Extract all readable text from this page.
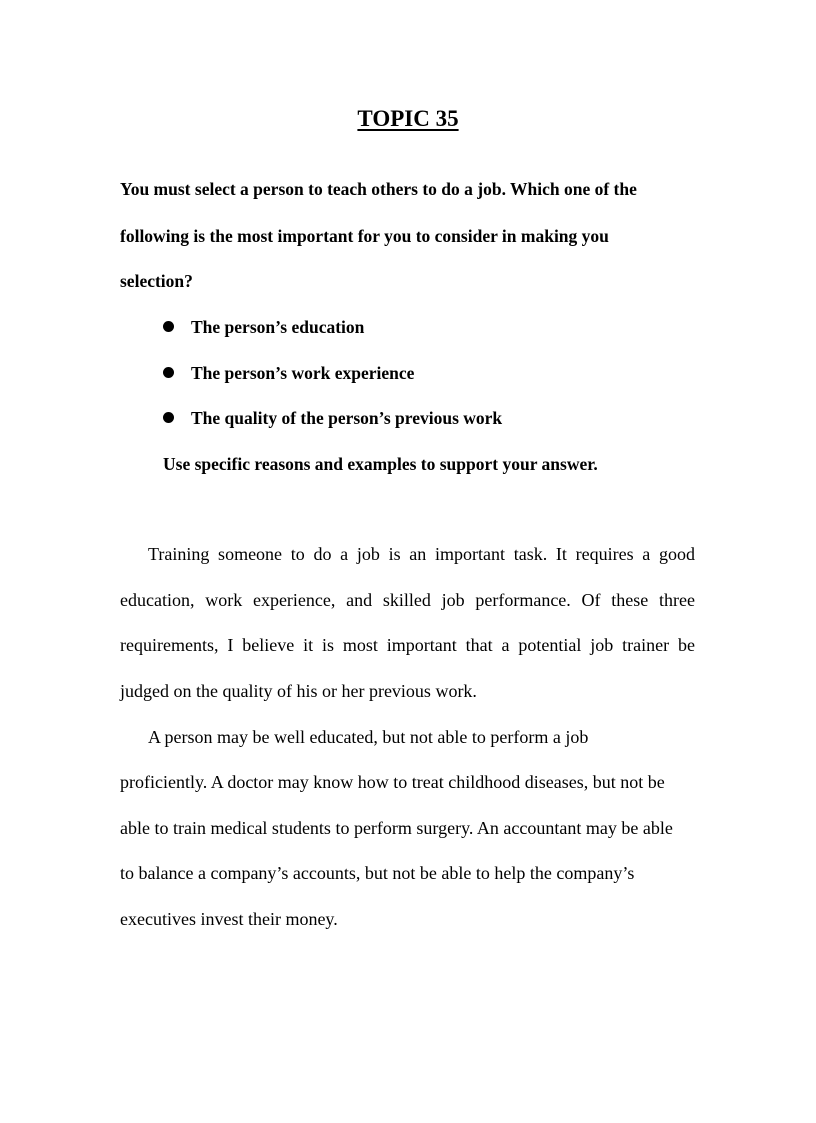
TOPIC 35
You must select a person to teach others to do a job. Which one of the
following is the most important for you to consider in making you
selection?
The person’s education
The person’s work experience
The quality of the person’s previous work
Use specific reasons and examples to support your answer.
Training someone to do a job is an important task. It requires a good
education, work experience, and skilled job performance. Of these three
requirements, I believe it is most important that a potential job trainer be
judged on the quality of his or her previous work.
A person may be well educated, but not able to perform a job
proficiently. A doctor may know how to treat childhood diseases, but not be
able to train medical students to perform surgery. An accountant may be able
to balance a company’s accounts, but not be able to help the company’s
executives invest their money.
